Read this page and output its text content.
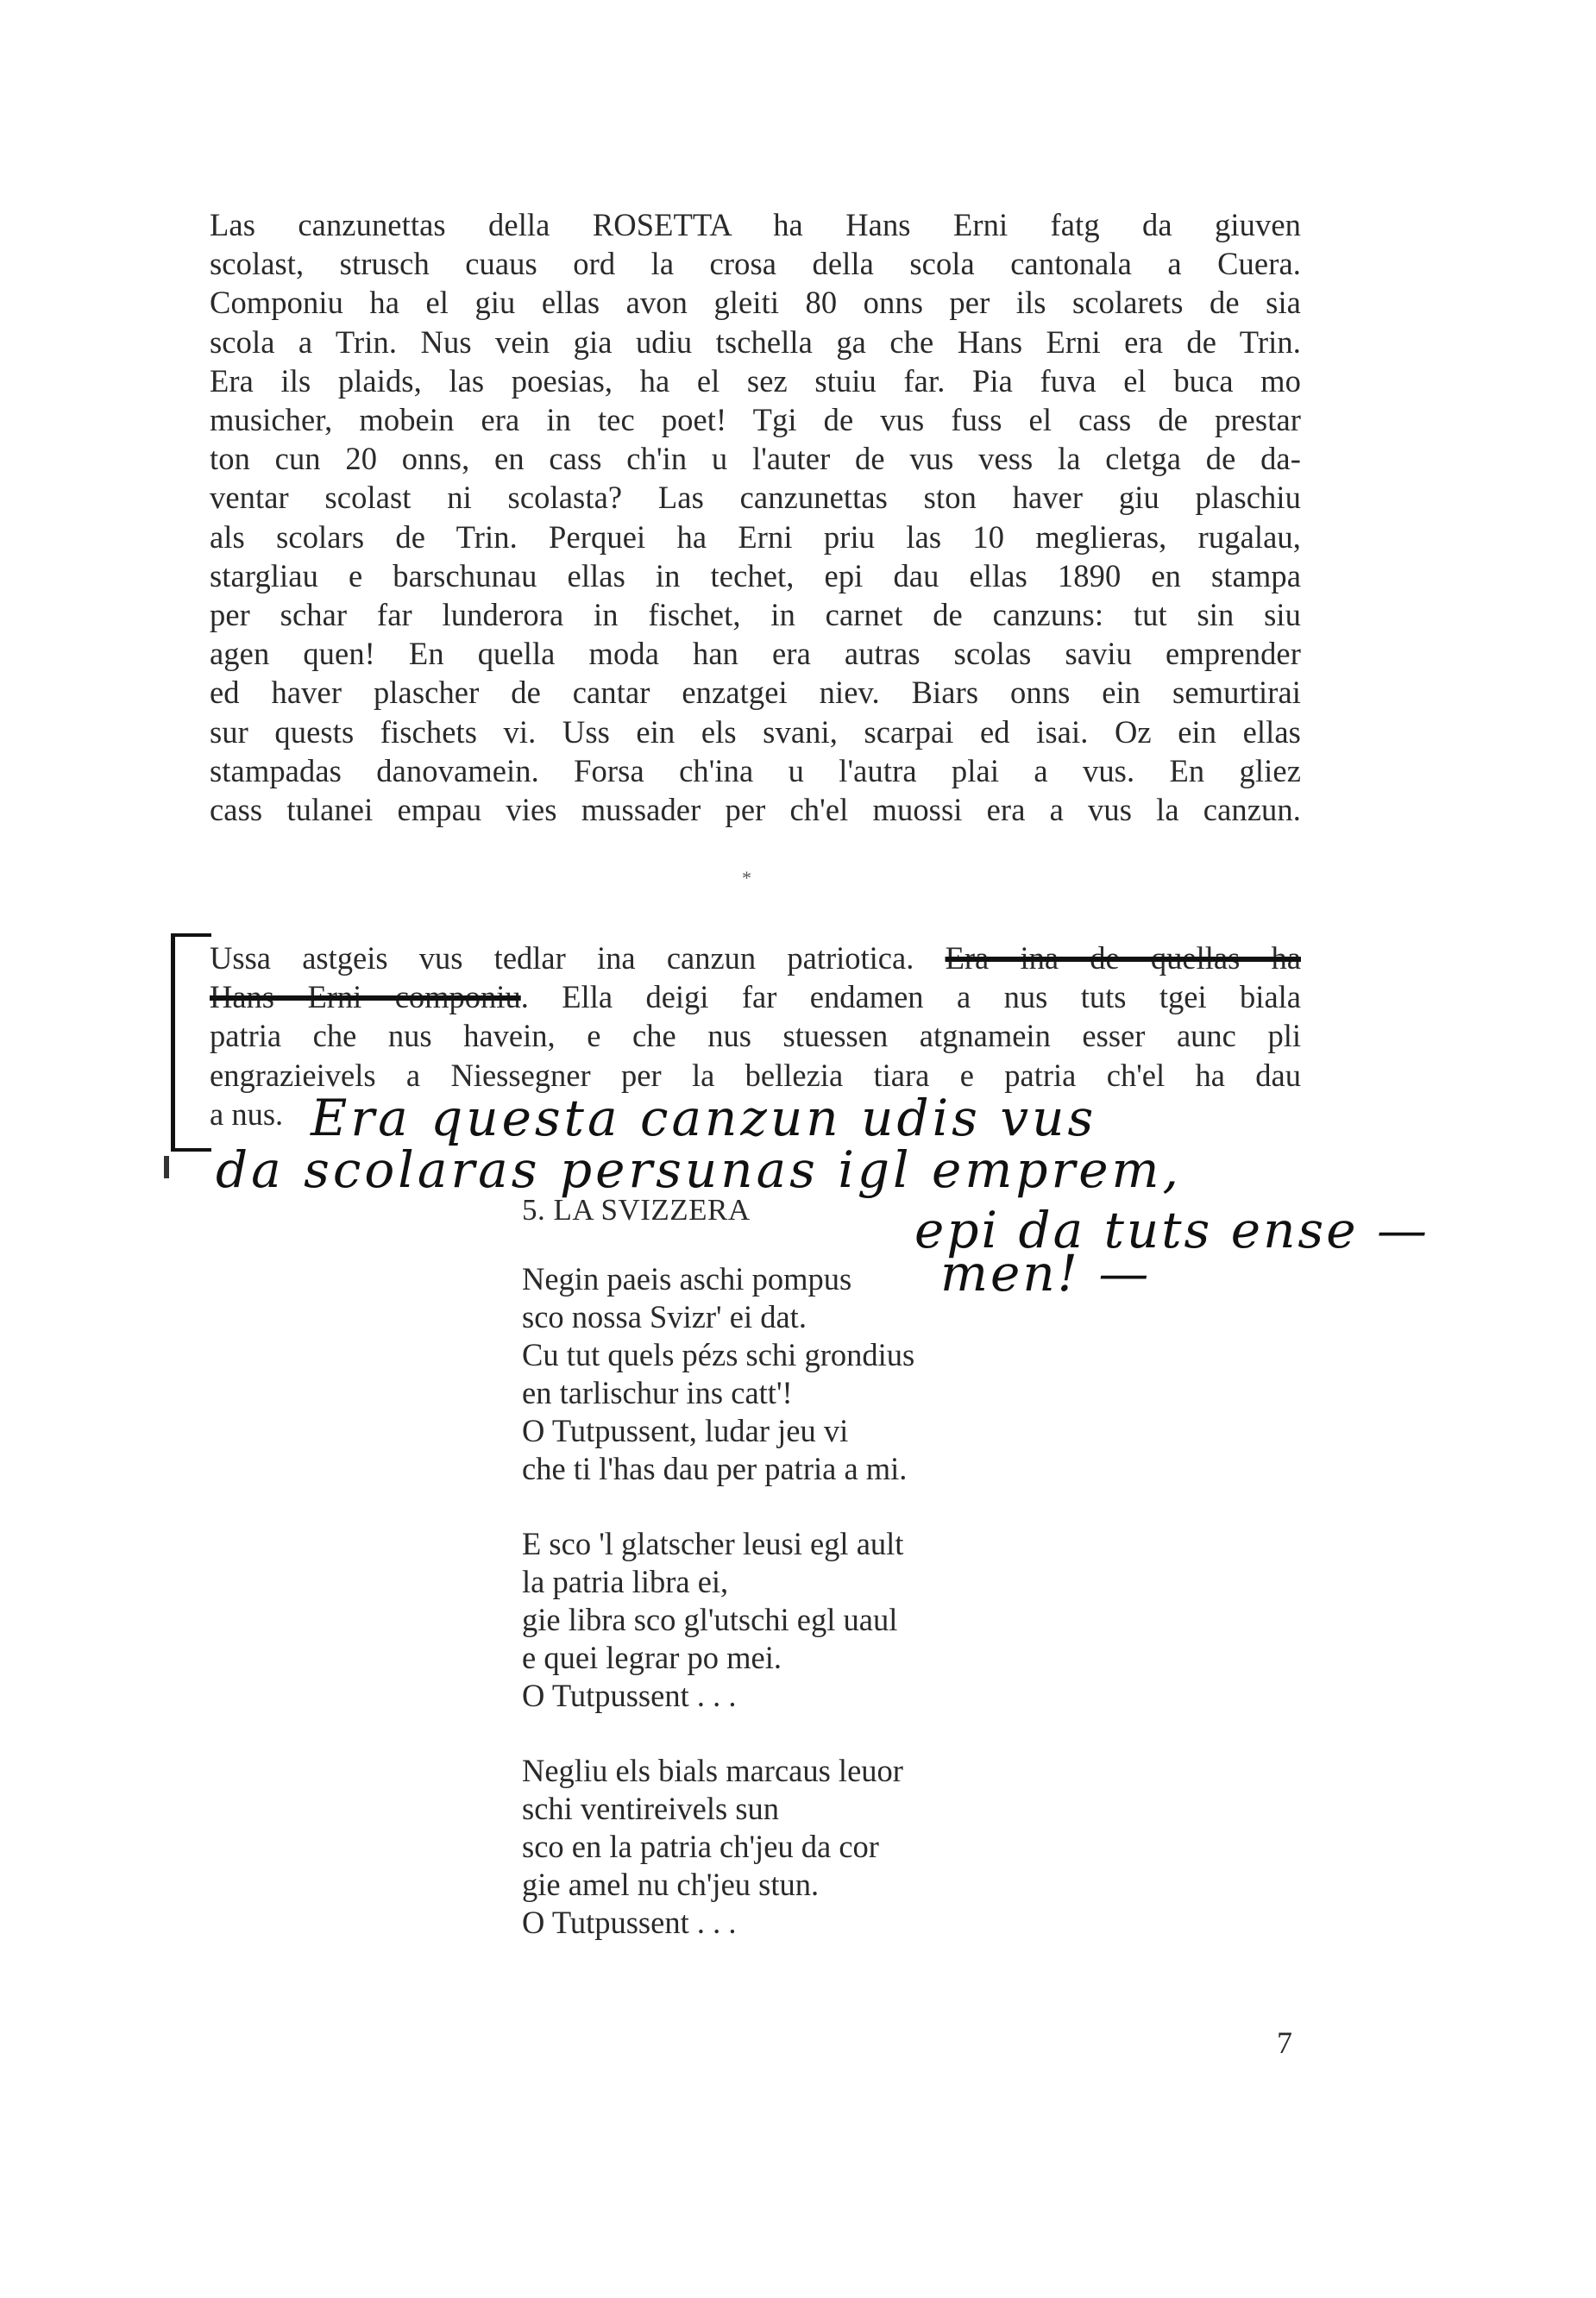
Las canzunettas della ROSETTA ha Hans Erni fatg da giuven
scolast, strusch cuaus ord la crosa della scola cantonala a Cuera.
Componiu ha el giu ellas avon gleiti 80 onns per ils scolarets de sia
scola a Trin. Nus vein gia udiu tschella ga che Hans Erni era de Trin.
Era ils plaids, las poesias, ha el sez stuiu far. Pia fuva el buca mo
musicher, mobein era in tec poet! Tgi de vus fuss el cass de prestar
ton cun 20 onns, en cass ch'in u l'auter de vus vess la cletga de da-
ventar scolast ni scolasta? Las canzunettas ston haver giu plaschiu
als scolars de Trin. Perquei ha Erni priu las 10 meglieras, rugalau,
stargliau e barschunau ellas in techet, epi dau ellas 1890 en stampa
per schar far lunderora in fischet, in carnet de canzuns: tut sin siu
agen quen! En quella moda han era autras scolas saviu emprender
ed haver plascher de cantar enzatgei niev. Biars onns ein semurtirai
sur quests fischets vi. Uss ein els svani, scarpai ed isai. Oz ein ellas
stampadas danovamein. Forsa ch'ina u l'autra plai a vus. En gliez
cass tulanei empau vies mussader per ch'el muossi era a vus la canzun.
*
Ussa astgeis vus tedlar ina canzun patriotica. Era ina de quellas ha
Hans Erni componiu. Ella deigi far endamen a nus tuts tgei biala
patria che nus havein, e che nus stuessen atgnamein esser aunc pli
engrazieivels a Niessegner per la bellezia tiara e patria ch'el ha dau
a nus. Era questa canzun udis vus
da scolaras persunas igl emprem,
epi da tuts ense —
men! —
5. LA SVIZZERA
Negin paeis aschi pompus
sco nossa Svizr' ei dat.
Cu tut quels pézs schi grondius
en tarlischur ins catt'!
O Tutpussent, ludar jeu vi
che ti l'has dau per patria a mi.
E sco 'l glatscher leusi egl ault
la patria libra ei,
gie libra sco gl'utschi egl uaul
e quei legrar po mei.
O Tutpussent . . .
Negliu els bials marcaus leuor
schi ventireivels sun
sco en la patria ch'jeu da cor
gie amel nu ch'jeu stun.
O Tutpussent . . .
7
